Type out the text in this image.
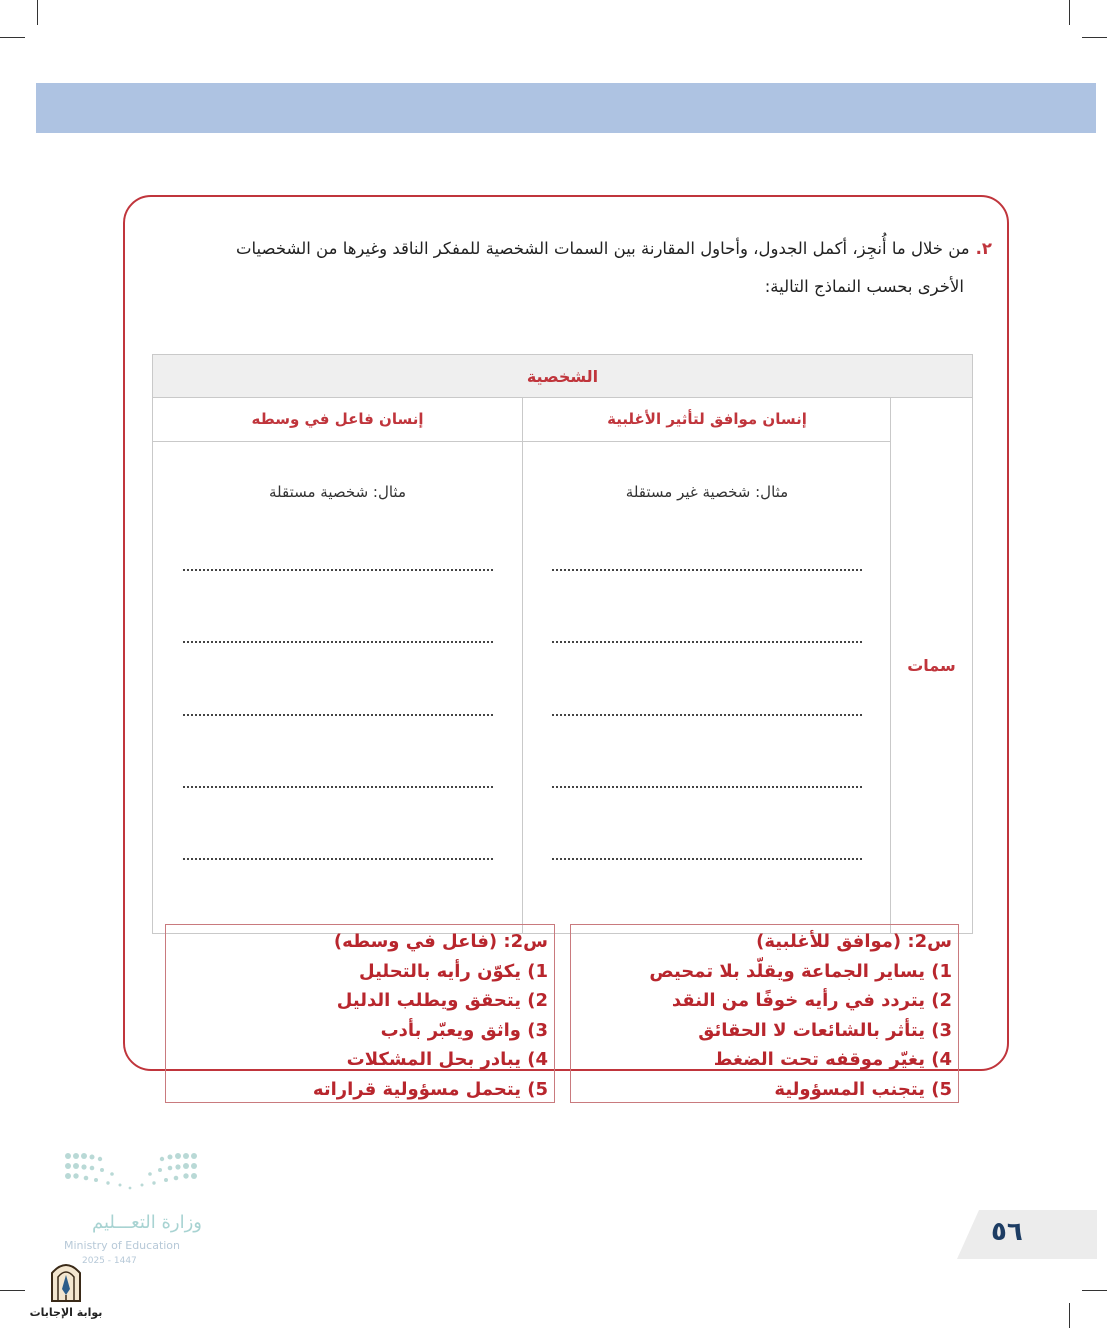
٢.من خلال ما أُنجِز، أكمل الجدول، وأحاول المقارنة بين السمات الشخصية للمفكر الناقد وغيرها من الشخصيات
الأخرى بحسب النماذج التالية:
الشخصية
سمات
إنسان موافق لتأثير الأغلبية
إنسان فاعل في وسطه
مثال: شخصية غير مستقلة
مثال: شخصية مستقلة
س2: (موافق للأغلبية)
1) يساير الجماعة ويقلّد بلا تمحيص
2) يتردد في رأيه خوفًا من النقد
3) يتأثر بالشائعات لا الحقائق
4) يغيّر موقفه تحت الضغط
5) يتجنب المسؤولية
س2: (فاعل في وسطه)
1) يكوّن رأيه بالتحليل
2) يتحقق ويطلب الدليل
3) واثق ويعبّر بأدب
4) يبادر بحل المشكلات
5) يتحمل مسؤولية قراراته
وزارة التعـــليم
Ministry of Education
2025 - 1447
بوابة الإجابات
٥٦
